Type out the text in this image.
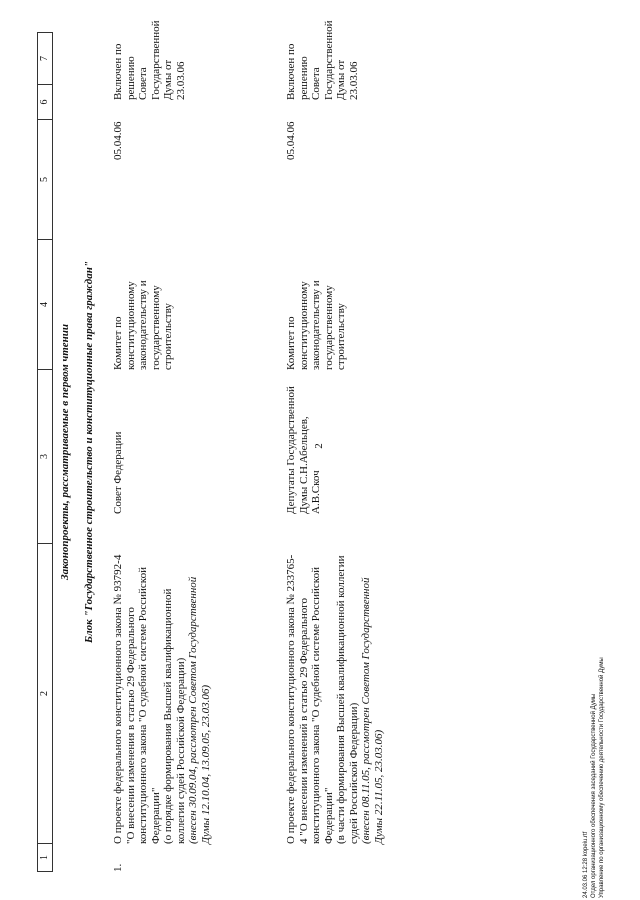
2
1
2
3
4
5
6
7
Законопроекты, рассматриваемые в первом чтении Блок "Государственное строительство и конституционные права граждан"
1.
О проекте федерального конституционного закона № 93792-4 "О внесении изменения в статью 29 Федерального конституционного закона "О судебной системе Российской Федерации" (о порядке формирования Высшей квалификационной коллегии судей Российской Федерации) (внесен 30.09.04, рассмотрен Советом Государственной Думы 12.10.04, 13.09.05, 23.03.06)
Совет Федерации
Комитет по конституционному законодательству и государственному строительству
05.04.06
Включен по решению Совета Государственной Думы от 23.03.06
О проекте федерального конституционного закона № 233765-4 "О внесении изменений в статью 29 Федерального конституционного закона "О судебной системе Российской Федерации" (в части формирования Высшей квалификационной коллегии судей Российской Федерации) (внесен 08.11.05, рассмотрен Советом Государственной Думы 22.11.05, 23.03.06)
Депутаты Государственной Думы С.Н.Абельцев, А.В.Скоч
Комитет по конституционному законодательству и государственному строительству
05.04.06
Включен по решению Совета Государственной Думы от 23.03.06
24.03.06 12:28 kopeiu.rtf Отдел организационного обеспечения заседаний Государственной Думы Управление по организационному обеспечению деятельности Государственной Думы
